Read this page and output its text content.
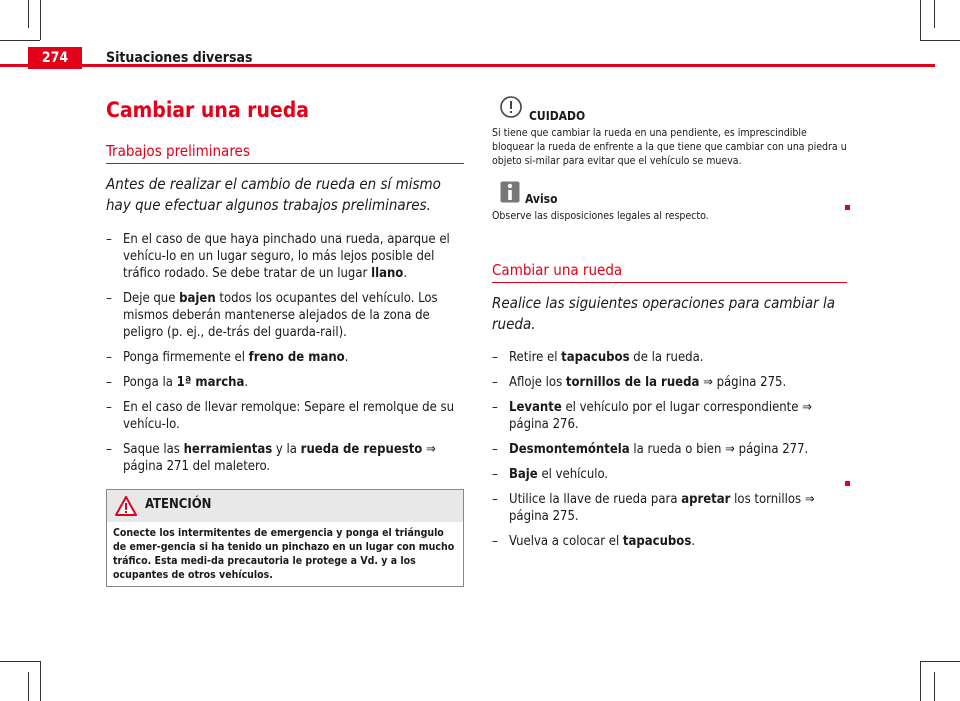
274	Situaciones diversas
Cambiar una rueda
Trabajos preliminares

Antes de realizar el cambio de rueda en sí mismo hay que efectuar algunos trabajos preliminares.

– En el caso de que haya pinchado una rueda, aparque el vehícu-lo en un lugar seguro, lo más lejos posible del tráfico rodado. Se debe tratar de un lugar llano.
– Deje que bajen todos los ocupantes del vehículo. Los mismos deberán mantenerse alejados de la zona de peligro (p. ej., de-trás del guarda-rail).
– Ponga firmemente el freno de mano.
– Ponga la 1ª marcha.
– En el caso de llevar remolque: Separe el remolque de su vehícu-lo.
– Saque las herramientas y la rueda de repuesto ⇒ página 271 del maletero.
ATENCIÓN
Conecte los intermitentes de emergencia y ponga el triángulo de emer-gencia si ha tenido un pinchazo en un lugar con mucho tráfico. Esta medi-da precautoria le protege a Vd. y a los ocupantes de otros vehículos.
CUIDADO
Si tiene que cambiar la rueda en una pendiente, es imprescindible bloquear la rueda de enfrente a la que tiene que cambiar con una piedra u objeto si-milar para evitar que el vehículo se mueva.
Aviso
Observe las disposiciones legales al respecto.
Cambiar una rueda

Realice las siguientes operaciones para cambiar la rueda.

– Retire el tapacubos de la rueda.
– Afloje los tornillos de la rueda ⇒ página 275.
– Levante el vehículo por el lugar correspondiente ⇒ página 276.
– Desmontemóntela la rueda o bien ⇒ página 277.
– Baje el vehículo.
– Utilice la llave de rueda para apretar los tornillos ⇒ página 275.
– Vuelva a colocar el tapacubos.
